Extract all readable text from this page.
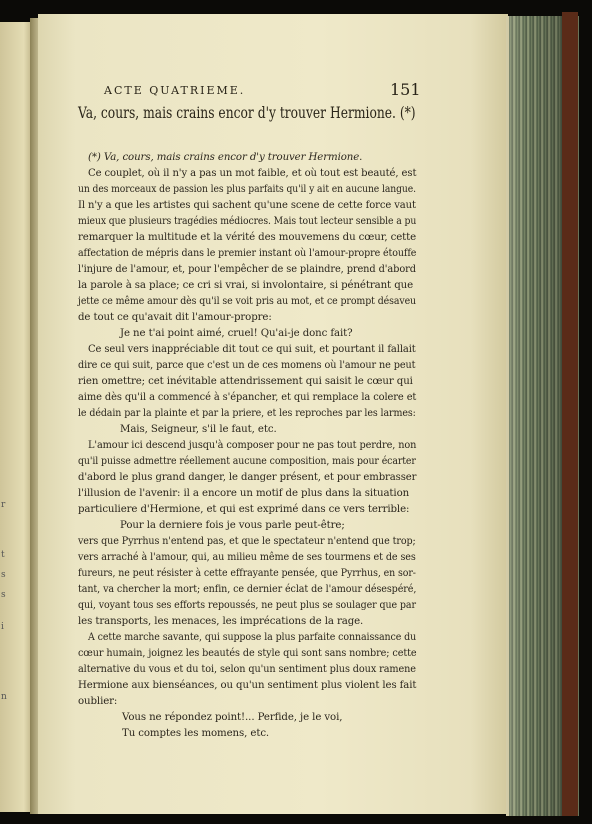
r
t
s
s
i
n
ACTE QUATRIEME.	151
Va, cours, mais crains encor d'y trouver Hermione. (*)
(*) Va, cours, mais crains encor d'y trouver Hermione.
Ce couplet, où il n'y a pas un mot faible, et où tout est beauté, est
un des morceaux de passion les plus parfaits qu'il y ait en aucune langue.
Il n'y a que les artistes qui sachent qu'une scene de cette force vaut
mieux que plusieurs tragédies médiocres. Mais tout lecteur sensible a pu
remarquer la multitude et la vérité des mouvemens du cœur, cette
affectation de mépris dans le premier instant où l'amour-propre étouffe
l'injure de l'amour, et, pour l'empêcher de se plaindre, prend d'abord
la parole à sa place; ce cri si vrai, si involontaire, si pénétrant que
jette ce même amour dès qu'il se voit pris au mot, et ce prompt désaveu
de tout ce qu'avait dit l'amour-propre:
Je ne t'ai point aimé, cruel! Qu'ai-je donc fait?
Ce seul vers inappréciable dit tout ce qui suit, et pourtant il fallait
dire ce qui suit, parce que c'est un de ces momens où l'amour ne peut
rien omettre; cet inévitable attendrissement qui saisit le cœur qui
aime dès qu'il a commencé à s'épancher, et qui remplace la colere et
le dédain par la plainte et par la priere, et les reproches par les larmes:
Mais, Seigneur, s'il le faut, etc.
L'amour ici descend jusqu'à composer pour ne pas tout perdre, non
qu'il puisse admettre réellement aucune composition, mais pour écarter
d'abord le plus grand danger, le danger présent, et pour embrasser
l'illusion de l'avenir: il a encore un motif de plus dans la situation
particuliere d'Hermione, et qui est exprimé dans ce vers terrible:
Pour la derniere fois je vous parle peut-être;
vers que Pyrrhus n'entend pas, et que le spectateur n'entend que trop;
vers arraché à l'amour, qui, au milieu même de ses tourmens et de ses
fureurs, ne peut résister à cette effrayante pensée, que Pyrrhus, en sor-
tant, va chercher la mort; enfin, ce dernier éclat de l'amour désespéré,
qui, voyant tous ses efforts repoussés, ne peut plus se soulager que par
les transports, les menaces, les imprécations de la rage.
A cette marche savante, qui suppose la plus parfaite connaissance du
cœur humain, joignez les beautés de style qui sont sans nombre; cette
alternative du vous et du toi, selon qu'un sentiment plus doux ramene
Hermione aux bienséances, ou qu'un sentiment plus violent les fait
oublier:
Vous ne répondez point!... Perfide, je le voi,
Tu comptes les momens, etc.
